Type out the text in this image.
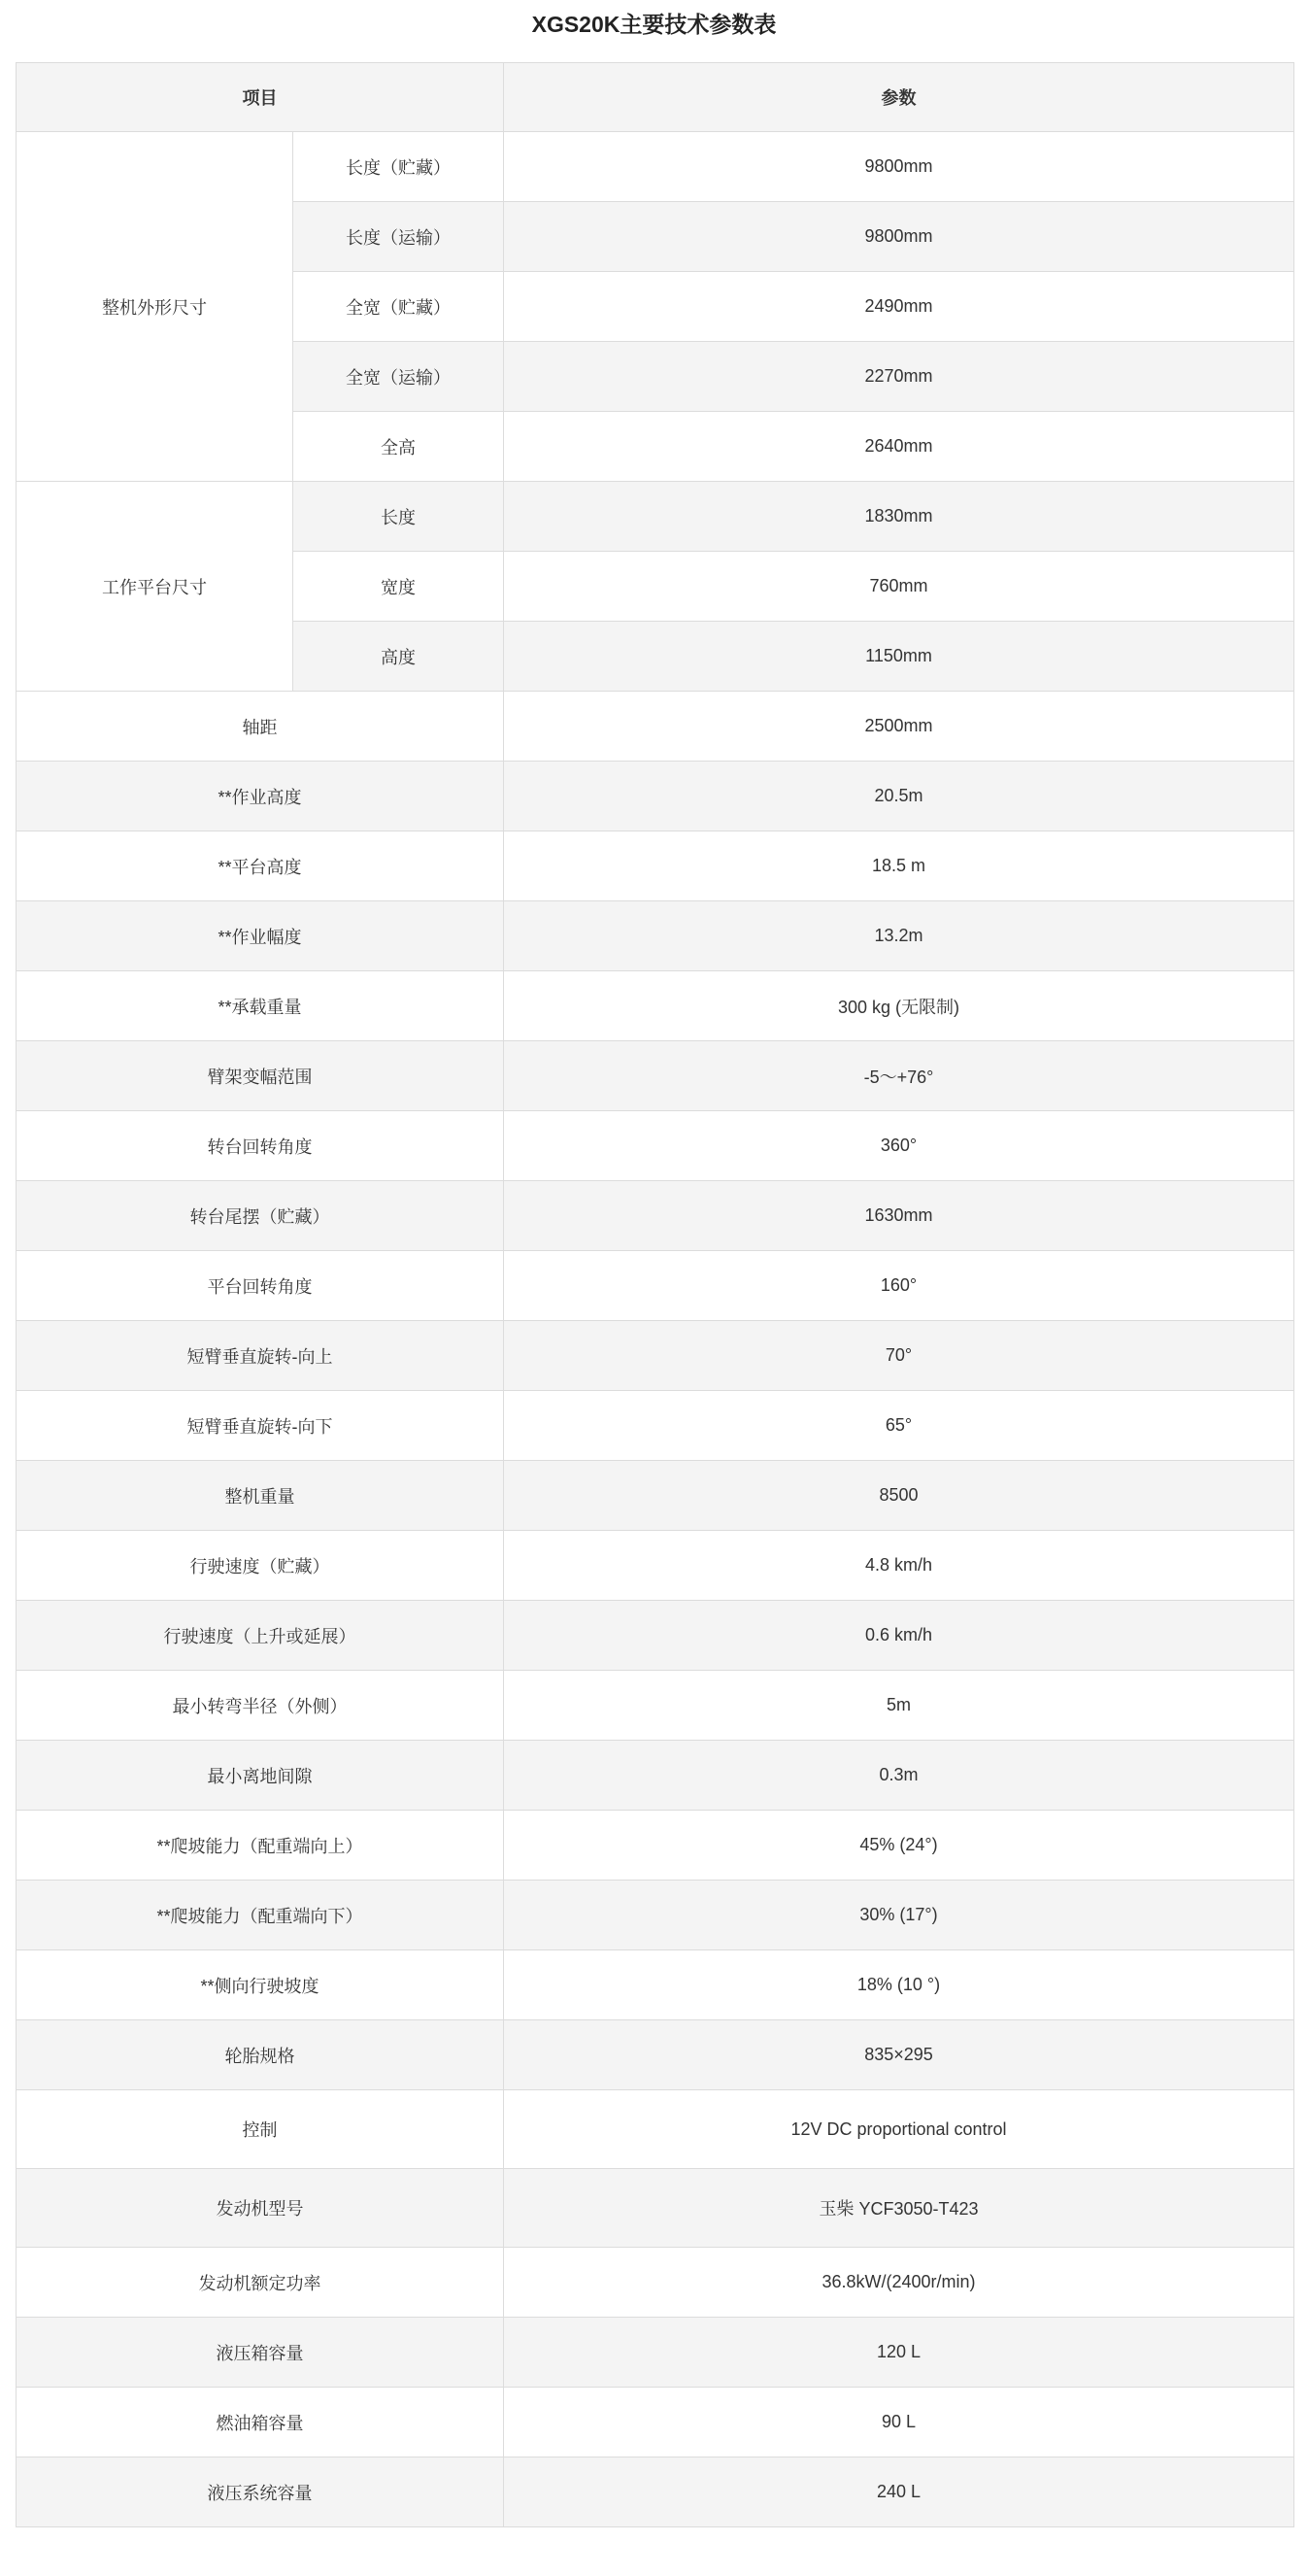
XGS20K主要技术参数表
项目		参数
整机外形尺寸	长度（贮藏）	9800mm
	长度（运输）	9800mm
	全宽（贮藏）	2490mm
	全宽（运输）	2270mm
	全高	2640mm
工作平台尺寸	长度	1830mm
	宽度	760mm
	高度	1150mm
轴距		2500mm
**作业高度		20.5m
**平台高度		18.5 m
**作业幅度		13.2m
**承载重量		300 kg (无限制)
臂架变幅范围		-5～+76°
转台回转角度		360°
转台尾摆（贮藏）		1630mm
平台回转角度		160°
短臂垂直旋转-向上		70°
短臂垂直旋转-向下		65°
整机重量		8500
行驶速度（贮藏）		4.8 km/h
行驶速度（上升或延展）		0.6 km/h
最小转弯半径（外侧）		5m
最小离地间隙		0.3m
**爬坡能力（配重端向上）		45% (24°)
**爬坡能力（配重端向下）		30% (17°)
**侧向行驶坡度		18% (10 °)
轮胎规格		835×295
控制		12V DC proportional control
发动机型号		玉柴 YCF3050-T423
发动机额定功率		36.8kW/(2400r/min)
液压箱容量		120 L
燃油箱容量		90 L
液压系统容量		240 L
